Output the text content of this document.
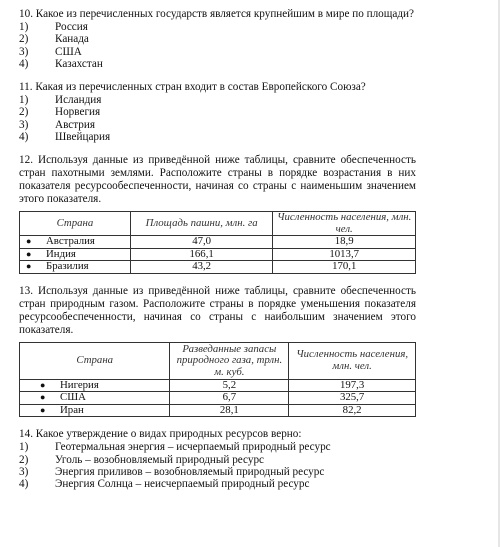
10. Какое из перечисленных государств является крупнейшим в мире по площади?
1)	Россия
2)	Канада
3)	США
4)	Казахстан
11. Какая из перечисленных стран входит в состав Европейского Союза?
1)	Исландия
2)	Норвегия
3)	Австрия
4)	Швейцария
12. Используя данные из приведённой ниже таблицы, сравните обеспеченность стран пахотными землями. Расположите страны в порядке возрастания в них показателя ресурсообеспеченности, начиная со страны с наименьшим значением этого показателя.
Страна	Площадь пашни, млн. га	Численность населения, млн. чел.
● Австралия	47,0	18,9
● Индия	166,1	1013,7
● Бразилия	43,2	170,1
13. Используя данные из приведённой ниже таблицы, сравните обеспеченность стран природным газом. Расположите страны в порядке уменьшения показателя ресурсообеспеченности, начиная со страны с наибольшим значением этого показателя.
Страна	Разведанные запасы природного газа, трлн. м. куб.	Численность населения, млн. чел.
● Нигерия	5,2	197,3
● США	6,7	325,7
● Иран	28,1	82,2
14. Какое утверждение о видах природных ресурсов верно:
1)	Геотермальная энергия – исчерпаемый природный ресурс
2)	Уголь – возобновляемый природный ресурс
3)	Энергия приливов – возобновляемый природный ресурс
4)	Энергия Солнца – неисчерпаемый природный ресурс
